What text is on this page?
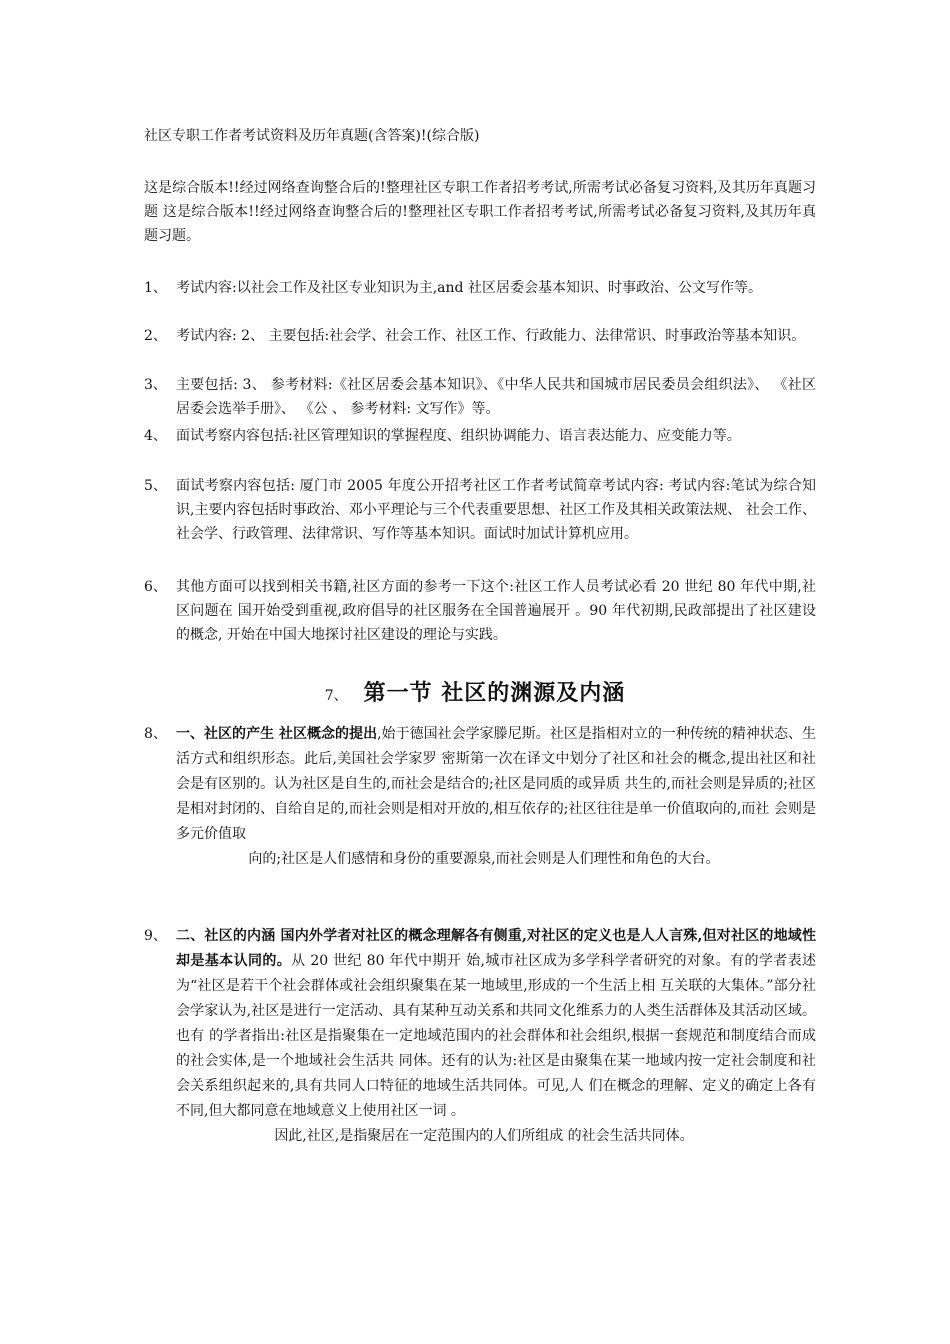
社区专职工作者考试资料及历年真题(含答案)!(综合版)
这是综合版本!!经过网络查询整合后的!整理社区专职工作者招考考试,所需考试必备复习资料,及其历年真题习题 这是综合版本!!经过网络查询整合后的!整理社区专职工作者招考考试,所需考试必备复习资料,及其历年真题习题。
1、 考试内容:以社会工作及社区专业知识为主,and 社区居委会基本知识、时事政治、公文写作等。
2、 考试内容: 2、 主要包括:社会学、社会工作、社区工作、行政能力、法律常识、时事政治等基本知识。
3、 主要包括: 3、 参考材料:《社区居委会基本知识》、《中华人民共和国城市居民委员会组织法》、 《社区居委会选举手册》、 《公 、 参考材料: 文写作》等。
4、 面试考察内容包括:社区管理知识的掌握程度、组织协调能力、语言表达能力、应变能力等。
5、 面试考察内容包括: 厦门市 2005 年度公开招考社区工作者考试简章考试内容: 考试内容:笔试为综合知识,主要内容包括时事政治、邓小平理论与三个代表重要思想、社区工作及其相关政策法规、 社会工作、社会学、行政管理、法律常识、写作等基本知识。面试时加试计算机应用。
6、 其他方面可以找到相关书籍,社区方面的参考一下这个:社区工作人员考试必看 20 世纪 80 年代中期,社区问题在 国开始受到重视,政府倡导的社区服务在全国普遍展开 。90 年代初期,民政部提出了社区建设的概念, 开始在中国大地探讨社区建设的理论与实践。
7、 第一节 社区的渊源及内涵
8、 一、社区的产生 社区概念的提出,始于德国社会学家滕尼斯。社区是指相对立的一种传统的精神状态、生活方式和组织形态。此后,美国社会学家罗 密斯第一次在译文中划分了社区和社会的概念,提出社区和社会是有区别的。认为社区是自生的,而社会是结合的;社区是同质的或异质 共生的,而社会则是异质的;社区是相对封闭的、自给自足的,而社会则是相对开放的,相互依存的;社区往往是单一价值取向的,而社 会则是多元价值取
向的;社区是人们感情和身份的重要源泉,而社会则是人们理性和角色的大台。
9、 二、社区的内涵 国内外学者对社区的概念理解各有侧重,对社区的定义也是人人言殊,但对社区的地域性却是基本认同的。从 20 世纪 80 年代中期开 始,城市社区成为多学科学者研究的对象。有的学者表述为“社区是若干个社会群体或社会组织聚集在某一地域里,形成的一个生活上相 互关联的大集体。”部分社会学家认为,社区是进行一定活动、具有某种互动关系和共同文化维系力的人类生活群体及其活动区域。也有 的学者指出:社区是指聚集在一定地域范围内的社会群体和社会组织,根据一套规范和制度结合而成的社会实体,是一个地域社会生活共 同体。还有的认为:社区是由聚集在某一地域内按一定社会制度和社会关系组织起来的,具有共同人口特征的地域生活共同体。可见,人 们在概念的理解、定义的确定上各有不同,但大都同意在地域意义上使用社区一词 。
因此,社区,是指聚居在一定范围内的人们所组成 的社会生活共同体。
